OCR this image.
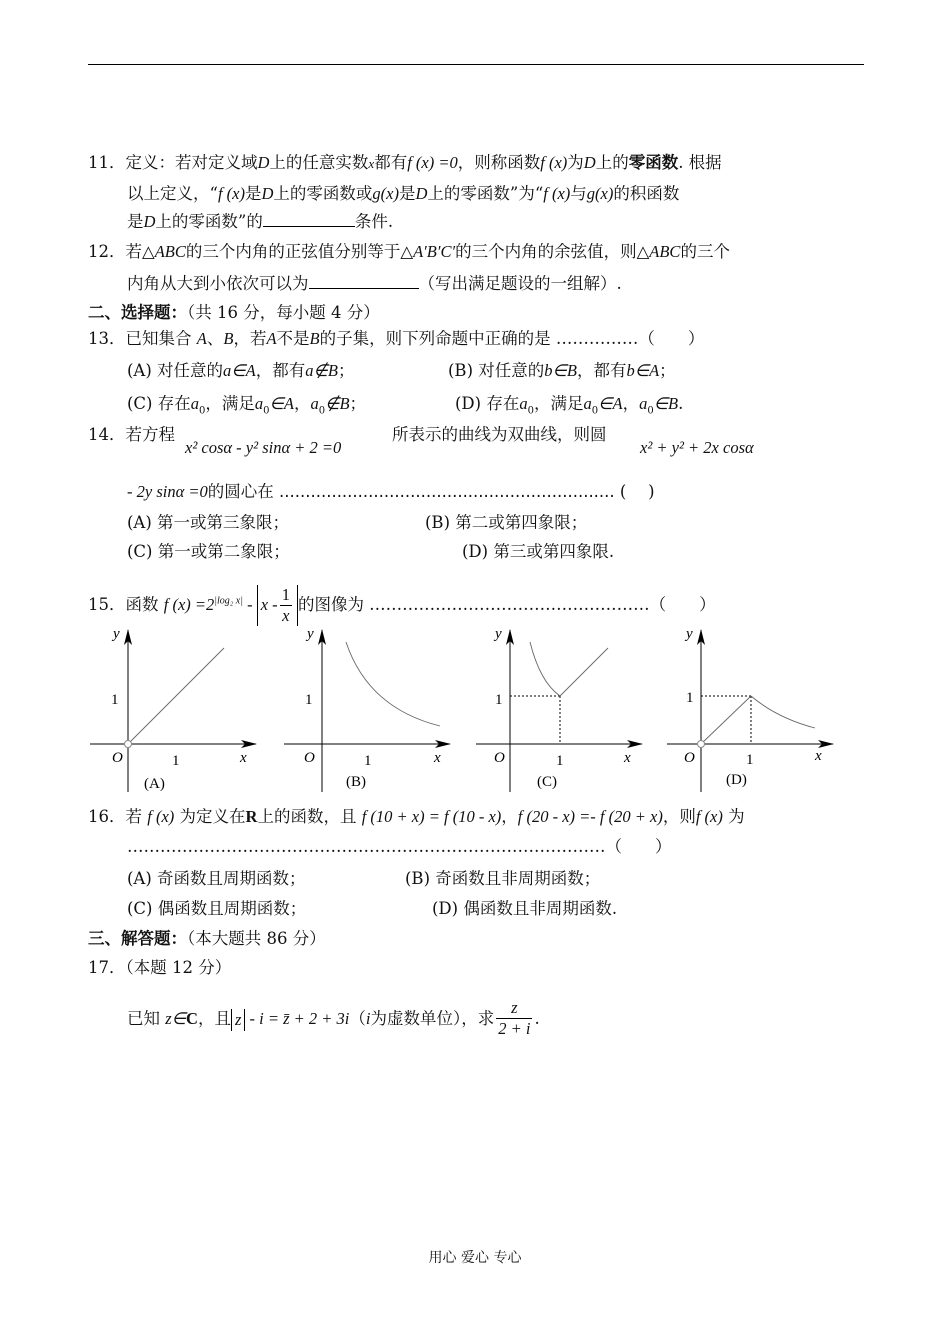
11．定义：若对定义域D上的任意实数x都有f (x) =0，则称函数f (x)为D上的零函数. 根据
以上定义，“f (x)是D上的零函数或g(x)是D上的零函数”为“f (x)与g(x)的积函数
是D上的零函数”的	条件.
12．若△ABC的三个内角的正弦值分别等于△A′B′C′的三个内角的余弦值，则△ABC的三个
内角从大到小依次可以为	（写出满足题设的一组解）.
二、选择题：（共 16 分，每小题 4 分）
13．已知集合 A、B，若A不是B的子集，则下列命题中正确的是 ……………（　　）
(A) 对任意的a∈A，都有a∉B；	(B) 对任意的b∈B，都有b∈A；
(C) 存在$a_0$，满足$a_0\in A$，$a_0\notin B$；	(D) 存在$a_0$，满足$a_0\in A$，$a_0\in B$.
14．若方程
x² cosα - y² sinα + 2 =0
所表示的曲线为双曲线，则圆
x² + y² + 2x cosα
- 2y sinα =0的圆心在 ................................................................ (　 )
(A) 第一或第三象限；	(B) 第二或第四象限；
(C) 第一或第二象限；	(D) 第三或第四象限.
15．函数 f $(x) =2^{|log_2 x|} - x - \frac{1}{x}$ 的图像为 ……………………………………………（　　）
y
1
O	1	x
(A)
y
1
O	1	x
(B)
y
1
O	1	x
(C)
y
1
O	1	x
(D)
16．若 f (x) 为定义在R上的函数，且 f (10 + x) = f (10 - x)，f (20 - x) =- f (20 + x)，则f (x) 为
……………………………………………………………………………（　　）
(A) 奇函数且周期函数；	(B) 奇函数且非周期函数；
(C) 偶函数且周期函数；	(D) 偶函数且非周期函数.
三、解答题：（本大题共 86 分）
17．（本题 12 分）
已知 z∈C，且 z - i = z̄ + 2 + 3i（i为虚数单位），求 $\frac{z}{2 + i}$ .
用心 爱心 专心
